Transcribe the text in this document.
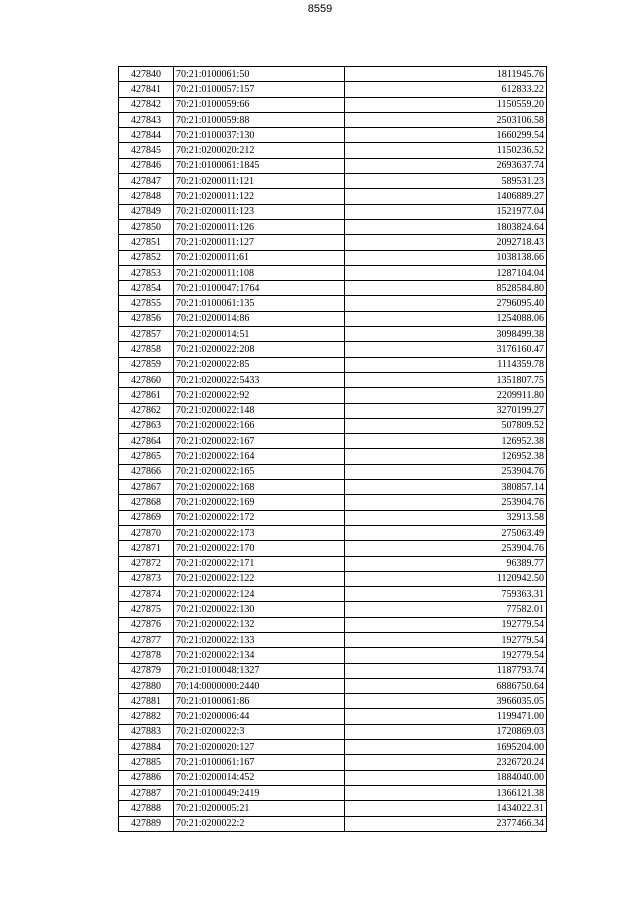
8559
427840	70:21:0100061:50	1811945.76
427841	70:21:0100057:157	612833.22
427842	70:21:0100059:66	1150559.20
427843	70:21:0100059:88	2503106.58
427844	70:21:0100037:130	1660299.54
427845	70:21:0200020:212	1150236.52
427846	70:21:0100061:1845	2693637.74
427847	70:21:0200011:121	589531.23
427848	70:21:0200011:122	1406889.27
427849	70:21:0200011:123	1521977.04
427850	70:21:0200011:126	1803824.64
427851	70:21:0200011:127	2092718.43
427852	70:21:0200011:61	1038138.66
427853	70:21:0200011:108	1287104.04
427854	70:21:0100047:1764	8528584.80
427855	70:21:0100061:135	2796095.40
427856	70:21:0200014:86	1254088.06
427857	70:21:0200014:51	3098499.38
427858	70:21:0200022:208	3176160.47
427859	70:21:0200022:85	1114359.78
427860	70:21:0200022:5433	1351807.75
427861	70:21:0200022:92	2209911.80
427862	70:21:0200022:148	3270199.27
427863	70:21:0200022:166	507809.52
427864	70:21:0200022:167	126952.38
427865	70:21:0200022:164	126952.38
427866	70:21:0200022:165	253904.76
427867	70:21:0200022:168	380857.14
427868	70:21:0200022:169	253904.76
427869	70:21:0200022:172	32913.58
427870	70:21:0200022:173	275063.49
427871	70:21:0200022:170	253904.76
427872	70:21:0200022:171	96389.77
427873	70:21:0200022:122	1120942.50
427874	70:21:0200022:124	759363.31
427875	70:21:0200022:130	77582.01
427876	70:21:0200022:132	192779.54
427877	70:21:0200022:133	192779.54
427878	70:21:0200022:134	192779.54
427879	70:21:0100048:1327	1187793.74
427880	70:14:0000000:2440	6886750.64
427881	70:21:0100061:86	3966035.05
427882	70:21:0200006:44	1199471.00
427883	70:21:0200022:3	1720869.03
427884	70:21:0200020:127	1695204.00
427885	70:21:0100061:167	2326720.24
427886	70:21:0200014:452	1884040.00
427887	70:21:0100049:2419	1366121.38
427888	70:21:0200005:21	1434022.31
427889	70:21:0200022:2	2377466.34
